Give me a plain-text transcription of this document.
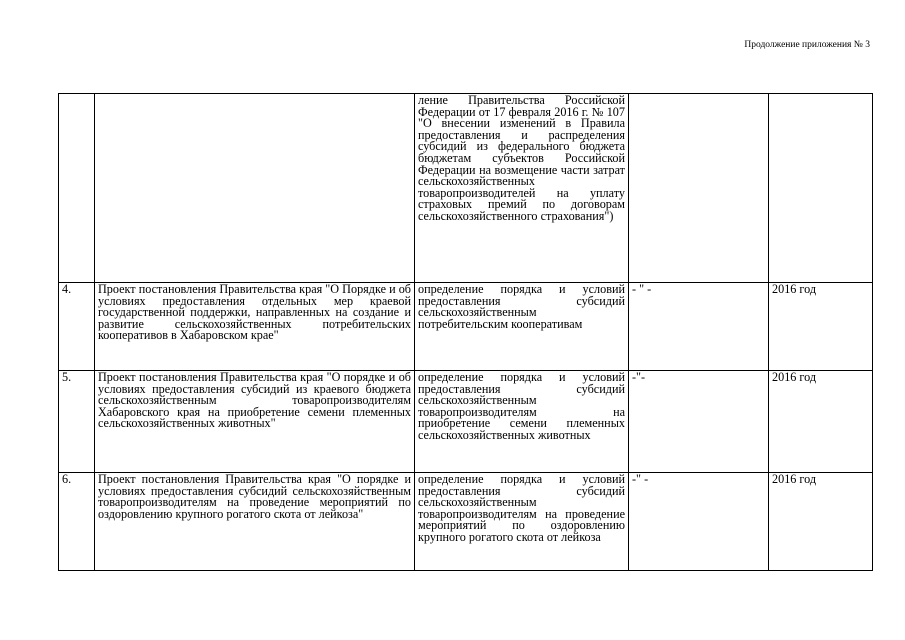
Продолжение приложения № 3
		ление Правительства Российской Федерации от 17 февраля 2016 г. № 107 "О внесении изменений в Правила предоставления и распределения субсидий из федерального бюджета бюджетам субъектов Российской Федерации на возмещение части затрат сельскохозяйственных товаропроизводителей на уплату страховых премий по договорам сельскохозяйственного страхования")		
4.	Проект постановления Правительства края "О Порядке и об условиях предоставления отдельных мер краевой государственной поддержки, направленных на создание и развитие сельскохозяйственных потребительских кооперативов в Хабаровском крае"	определение порядка и условий предоставления субсидий сельскохозяйственным потребительским кооперативам	- " -	2016 год
5.	Проект постановления Правительства края "О порядке и об условиях предоставления субсидий из краевого бюджета сельскохозяйственным товаропроизводителям Хабаровского края на приобретение семени племенных сельскохозяйственных животных"	определение порядка и условий предоставления субсидий сельскохозяйственным товаропроизводителям на приобретение семени племенных сельскохозяйственных животных	-"-	2016 год
6.	Проект постановления Правительства края "О порядке и условиях предоставления субсидий сельскохозяйственным товаропроизводителям на проведение мероприятий по оздоровлению крупного рогатого скота от лейкоза"	определение порядка и условий предоставления субсидий сельскохозяйственным товаропроизводителям на проведение мероприятий по оздоровлению крупного рогатого скота от лейкоза	-" -	2016 год
